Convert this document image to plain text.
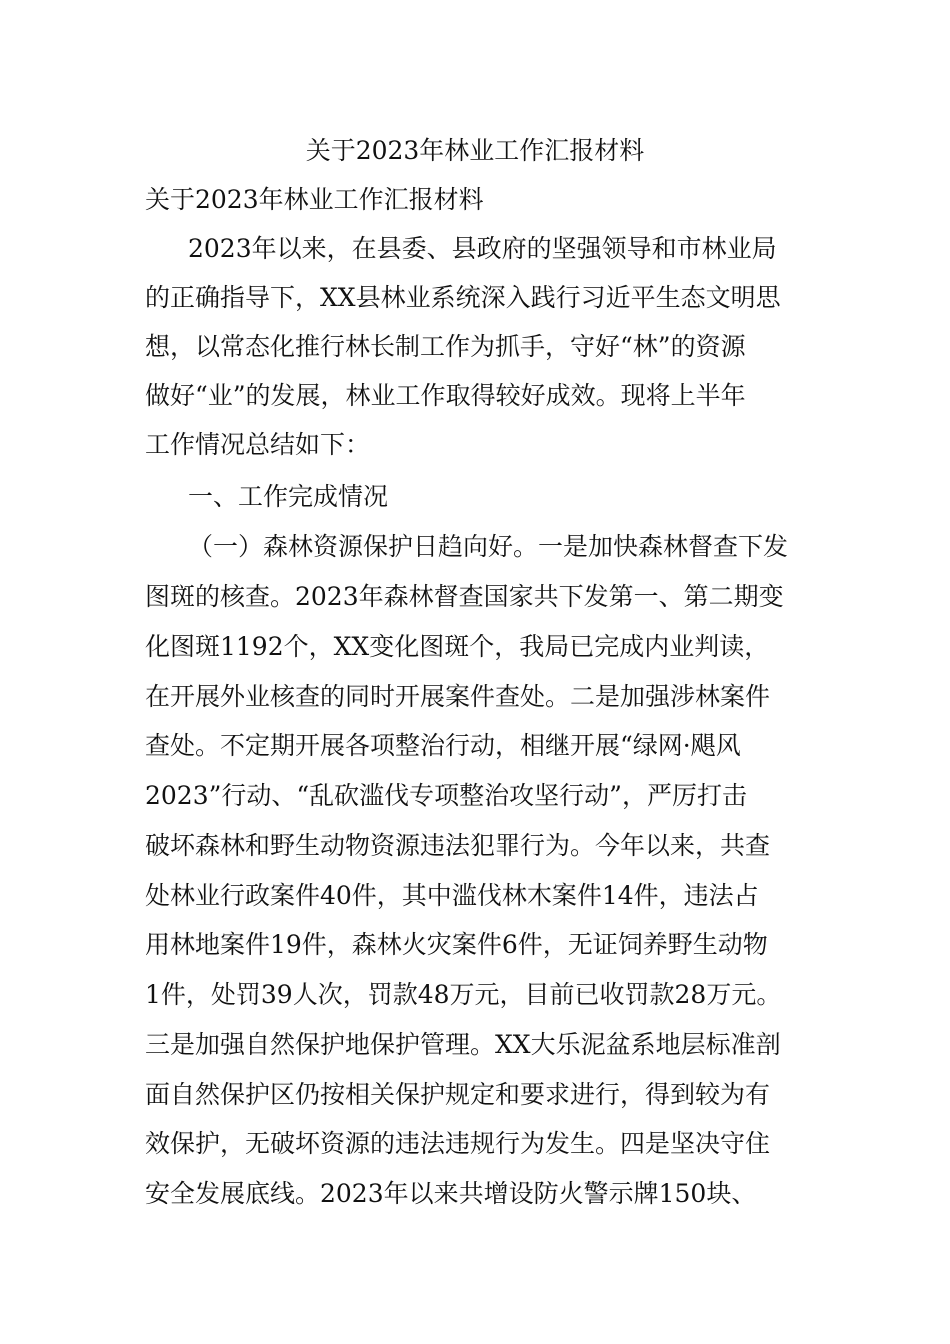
关于2023年林业工作汇报材料

关于2023年林业工作汇报材料

2023年以来，在县委、县政府的坚强领导和市林业局

的正确指导下，XX县林业系统深入践行习近平生态文明思

想，以常态化推行林长制工作为抓手，守好“林”的资源

做好“业”的发展，林业工作取得较好成效。现将上半年

工作情况总结如下：

一、工作完成情况

（一）森林资源保护日趋向好。一是加快森林督查下发

图斑的核查。2023年森林督查国家共下发第一、第二期变

化图斑1192个，XX变化图斑个，我局已完成内业判读，

在开展外业核查的同时开展案件查处。二是加强涉林案件

查处。不定期开展各项整治行动，相继开展“绿网·飓风

2023”行动、“乱砍滥伐专项整治攻坚行动”，严厉打击

破坏森林和野生动物资源违法犯罪行为。今年以来，共查

处林业行政案件40件，其中滥伐林木案件14件，违法占

用林地案件19件，森林火灾案件6件，无证饲养野生动物

1件，处罚39人次，罚款48万元，目前已收罚款28万元。

三是加强自然保护地保护管理。XX大乐泥盆系地层标准剖

面自然保护区仍按相关保护规定和要求进行，得到较为有

效保护，无破坏资源的违法违规行为发生。四是坚决守住

安全发展底线。2023年以来共增设防火警示牌150块、
